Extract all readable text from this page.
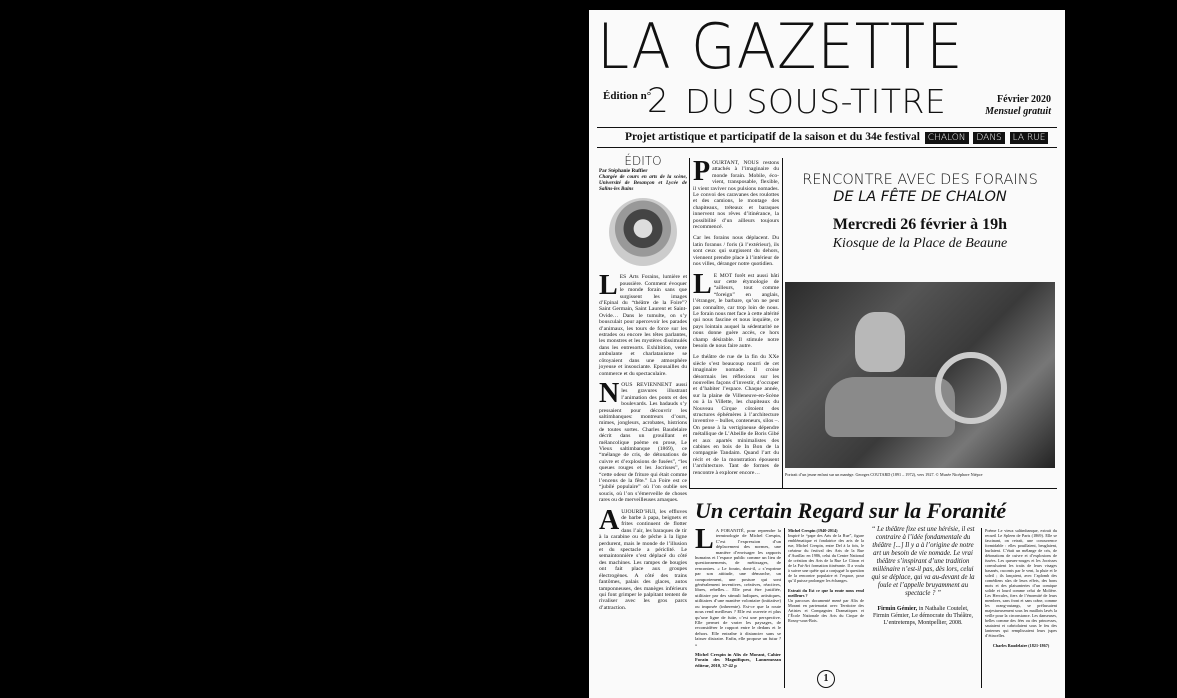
LA GAZETTE
Édition n°
2 DU SOUS-TITRE	Février 2020
Mensuel gratuit
Projet artistique et participatif de la saison et du 34e festival CHALON DANS LA RUE
ÉDITO
Par Stéphanie Ruffier
Chargée de cours en arts de la scène, Université de Besançon et Lycée de Salins-les Bains
LES Arts Forains, lumière et poussière. Comment évoquer le monde forain sans que surgissent les images d’Epinal du “théâtre de la Foire”? Saint Germain, Saint Laurent et Saint-Ovide… Dans le tumulte, on s’y bousculait pour apercevoir les parades d’animaux, les tours de force sur les estrades ou encore les têtes parlantes, les monstres et les mystères dissimulés dans les entresorts. Exhibition, vente ambulante et charlatanisme se côtoyaient dans une atmosphère joyeuse et insouciante. Epousailles du commerce et du spectaculaire.
NOUS REVIENNENT aussi les gravures illustrant l’animation des ponts et des boulevards. Les badauds s’y pressaient pour découvrir les saltimbanques: montreurs d’ours, mimes, jongleurs, acrobates, histrions de toutes sortes. Charles Baudelaire décrit dans un grouillant et mélancolique poème en prose, Le Vieux saltimbanque (1869), ce “mélange de cris, de détonations de cuivre et d’explosions de fusées”, “les queues rouges et les Jocrisses”, et “cette odeur de friture qui était comme l’encens de la fête.” La Foire est ce “jubilé populaire” où l’on oublie ses soucis, où l’on s’émerveille de choses rares ou de merveilleuses arnaques.
AUJOURD’HUI, les effluves de barbe à papa, beignets et frites continuent de flotter dans l’air, les baraques de tir à la carabine ou de pêche à la ligne perdurent, mais le monde de l’illusion et du spectacle a périclité. Le semaintonnière s’est déplacé du côté des machines. Les rampes de bougies ont fait place aux groupes électrogènes. A côté des trains fantômes, palais des glaces, autos tamponneuses, des manèges inférieurs qui font grimper le palpitant tentent de rivaliser avec les gros parcs d’attraction.
POURTANT, NOUS restons attachés à l’imaginaire du monde forain. Mobile, éco-vient, transposable, flexible, il vient raviver nos pulsions nomades. Le convoi des caravanes des roulottes et des camions, le montage des chapiteaux, tréteaux et baraques innervent nos rêves d’itinérance, la possibilité d’un ailleurs toujours recommencé.
Car les forains nous déplacent. Du latin foranus / foris (à l’extérieur), ils sont ceux qui surgissent du dehors, viennent prendre place à l’intérieur de nos villes, déranger notre quotidien.
L E MOT forêt est aussi bâti sur cette étymologie de “ailleurs, tout comme “foreign” en anglais, l’étranger, le barbare, qu’on ne peut pas connaître, car trop loin de nous. Le forain nous met face à cette altérité qui nous fascine et nous inquiète, ce pays lointain auquel la sédentarité ne nous donne guère accès, ce hors champ désirable. Il stimule notre besoin de nous faire autre.
Le théâtre de rue de la fin du XXe siècle s’est beaucoup nourri de cet imaginaire nomade. Il croise désormais les réflexions sur les nouvelles façons d’investir, d’occuper et d’habiter l’espace. Chaque année, sur la plaine de Villeneuve-en-Scène ou à la Villette, les chapiteaux du Nouveau Cirque côtoient des structures éphémères à l’architecture inventive – bulles, conteneurs, silos –. On pense à la vertigineuse dépendre métallique de L’Abeille de Boris Gibé et aux apartés minimalistes des cabines en bois de In Bon de la compagnie Tandaim. Quand l’art du récit et de la monstration épousent l’architecture. Tant de formes de rencontre à explorer encore…
RENCONTRE AVEC DES FORAINS
DE LA FÊTE DE CHALON
Mercredi 26 février à 19h
Kiosque de la Place de Beaune
Portrait d’un jeune enfant sur un manège. Georges COUTARD (1891 – 1972), vers 1927. © Musée Nicéphore Niépce
Un certain Regard sur la Foranité
L A FORANITÉ, pour reprendre la terminologie de Michel Crespin, C’est l’expression d’un déplacement des normes, une manière d’envisager les rapports humains et l’espace public comme un lieu de questionnements, de métissages, de rencontres. « Le forain, dont-il, « s’exprime par son attitude, une démarche, un comportement, une posture qui sont généralement inventives, créatives, réactives, libres, rebelles… Elle peut être justifiée, utilitaire par des stimuli ludiques, artistiques, utilitaires d’une manière volontaire (initiative) ou imposée (inherente). Est-ce que la route nous rend meilleurs ? Elle est ouverte et plus qu’une ligne de fuite, c’est une perspective. Elle permet de varier les paysages, de reconsidérer le rapport entre le dedans et le dehors. Elle entraîne à distancier sans se laisser distraire. Enfin, elle propose un futur ? »
Michel Crespin in Alix de Morant, Cahier Forain des Magnifiques, Lannemezan éditeur, 2010, 37-42 p
Michel Crespin (1940-2014)
Inspiré le “pape des Arts de la Rue”, figure emblématique et fondatrice des arts de la rue, Michel Crespin, entre Del à la fois, le créateur du festival des Arts de la Rue d’Aurillac en 1986, celui du Centre National de création des Arts de la Rue Le Citron et de la Fai-Art formation itinérante. Il a voulu à suivre une quête qui a conjugué la question de la rencontre populaire et l’espace, pour qu’il puisse prolonger les échanges.
Extrait du Est ce que la route nous rend meilleurs ?
Un parcours documenté mené par Alix de Morant en partenariat avec Territoire des Artistes et Compagnies Dramatiques et l’École Nationale des Arts du Cirque de Rosny-sous-Bois.
“ Le théâtre fixe est une hérésie, il est contraire à l’idée fondamentale du théâtre [...] Il y a à l’origine de notre art un besoin de vie nomade. Le vrai théâtre s’inspirant d’une tradition millénaire n’est-il pas, dès lors, celui qui se déplace, qui va au-devant de la foule et l’appelle bruyamment au spectacle ? ”
Firmin Gémier, in Nathalie Coutelet, Firmin Gémier, Le démocrate du Théâtre, L’entretemps, Montpellier, 2008.
Poème Le vieux saltimbanque, extrait du recueil Le Spleen de Paris (1869). Elle se fascinant, on retrait, une concurrence formidable : elles pouillaient, beuglaient, hurlaient. C’était un mélange de cris, de détonations de cuivre et d’explosions de fusées. Les queues-rouges et les Jocrisses convulsaient les traits de leurs visages basanés, racornis par le vent, la pluie et le soleil ; ils lançaient, avec l’aplomb des comédiens sûrs de leurs effets, des bons mots et des plaisanteries d’un comique solide et lourd comme celui de Molière. Les Hercules, fiers de l’énormité de leurs membres, sans front et sans crâne, comme les orang-outangs, se prélassaient majestueusement sous les maillots lavés la veille pour la circonstance. Les danseuses, belles comme des fées ou des princesses, sautaient et cabriolaient sous le feu des lanternes qui remplissaient leurs jupes d’étincelles.
Charles Baudelaire (1821-1867)
1
